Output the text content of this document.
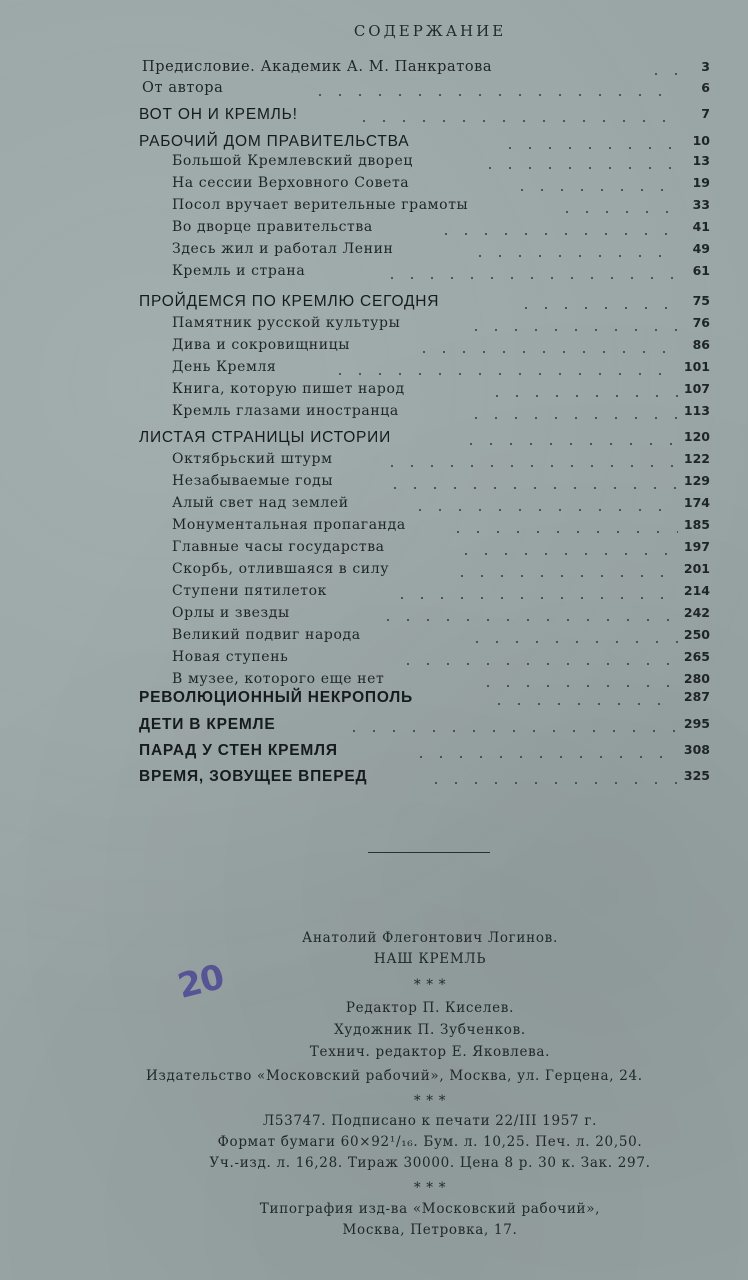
СОДЕРЖАНИЕ
Предисловие. Академик А. М. Панкратова	3
От автора	6
ВОТ ОН И КРЕМЛЬ!	7
РАБОЧИЙ ДОМ ПРАВИТЕЛЬСТВА	10
Большой Кремлевский дворец	13
На сессии Верховного Совета	19
Посол вручает верительные грамоты	33
Во дворце правительства	41
Здесь жил и работал Ленин	49
Кремль и страна	61
ПРОЙДЕМСЯ ПО КРЕМЛЮ СЕГОДНЯ	75
Памятник русской культуры	76
Дива и сокровищницы	86
День Кремля	101
Книга, которую пишет народ	107
Кремль глазами иностранца	113
ЛИСТАЯ СТРАНИЦЫ ИСТОРИИ	120
Октябрьский штурм	122
Незабываемые годы	129
Алый свет над землей	174
Монументальная пропаганда	185
Главные часы государства	197
Скорбь, отлившаяся в силу	201
Ступени пятилеток	214
Орлы и звезды	242
Великий подвиг народа	250
Новая ступень	265
В музее, которого еще нет	280
РЕВОЛЮЦИОННЫЙ НЕКРОПОЛЬ	287
ДЕТИ В КРЕМЛЕ	295
ПАРАД У СТЕН КРЕМЛЯ	308
ВРЕМЯ, ЗОВУЩЕЕ ВПЕРЕД	325
Анатолий Флегонтович Логинов.
НАШ КРЕМЛЬ
* * *
Редактор П. Киселев.
Художник П. Зубченков.
Технич. редактор Е. Яковлева.
Издательство «Московский рабочий», Москва, ул. Герцена, 24.
* * *
Л53747. Подписано к печати 22/III 1957 г.
Формат бумаги 60×92¹/₁₆. Бум. л. 10,25. Печ. л. 20,50.
Уч.-изд. л. 16,28. Тираж 30000. Цена 8 р. 30 к. Зак. 297.
* * *
Типография изд-ва «Московский рабочий»,
Москва, Петровка, 17.
20
